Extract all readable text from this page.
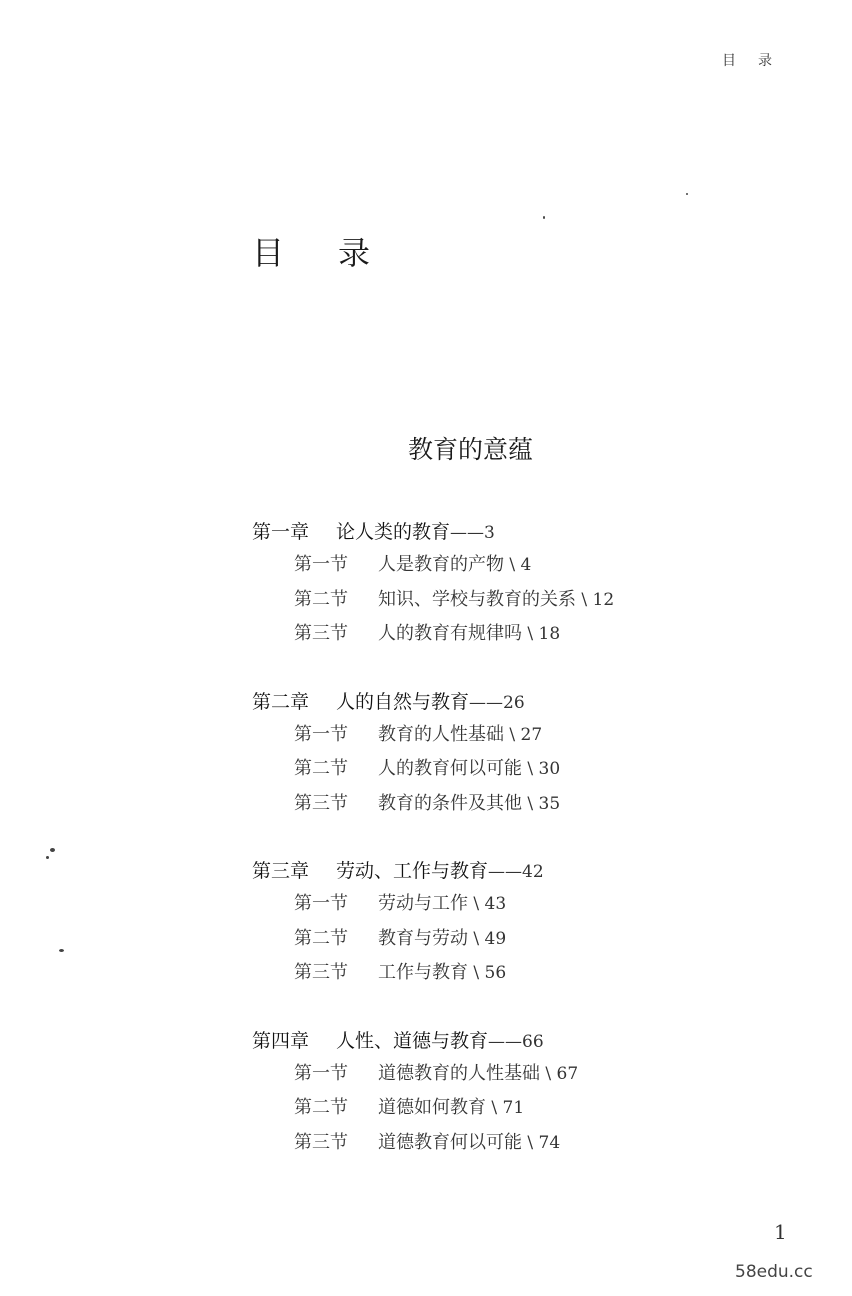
目录
目录
教育的意蕴
第一章 论人类的教育——3
第一节 人是教育的产物 \ 4
第二节 知识、学校与教育的关系 \ 12
第三节 人的教育有规律吗 \ 18
第二章 人的自然与教育——26
第一节 教育的人性基础 \ 27
第二节 人的教育何以可能 \ 30
第三节 教育的条件及其他 \ 35
第三章 劳动、工作与教育——42
第一节 劳动与工作 \ 43
第二节 教育与劳动 \ 49
第三节 工作与教育 \ 56
第四章 人性、道德与教育——66
第一节 道德教育的人性基础 \ 67
第二节 道德如何教育 \ 71
第三节 道德教育何以可能 \ 74
1
58edu.cc
